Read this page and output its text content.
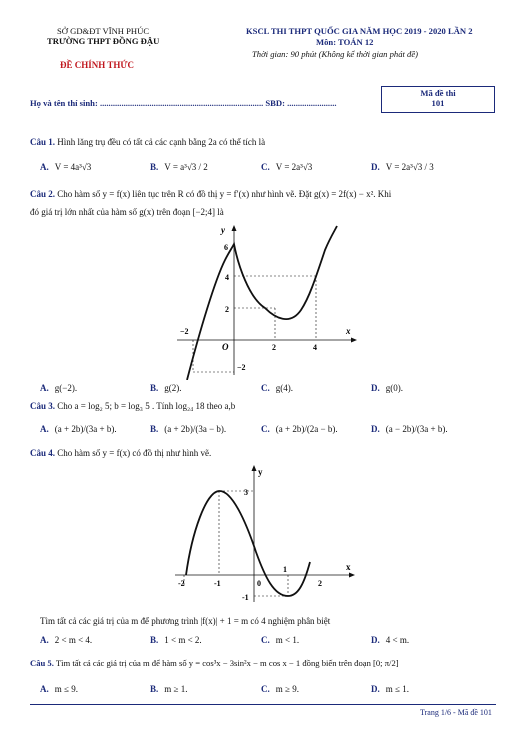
SỞ GD&ĐT VĨNH PHÚC
TRƯỜNG THPT ĐỒNG ĐẬU
ĐỀ CHÍNH THỨC
KSCL THI THPT QUỐC GIA NĂM HỌC 2019 - 2020 LẦN 2
Môn: TOÁN 12
Thời gian: 90 phút (Không kể thời gian phát đề)
Họ và tên thí sinh: ............................................................................ SBD: .......................
Mã đề thi
101
Câu 1. Hình lăng trụ đều có tất cả các cạnh bằng 2a có thể tích là
A. V = 4a³√3	B. V = a³√3 / 2	C. V = 2a³√3	D. V = 2a³√3 / 3
Câu 2. Cho hàm số y = f(x) liên tục trên R có đồ thị y = f′(x) như hình vẽ. Đặt g(x) = 2f(x) − x². Khi
đó giá trị lớn nhất của hàm số g(x) trên đoạn [−2;4] là
y
x
O
−2
2	4
6
4
2
−2
A. g(−2).	B. g(2).	C. g(4).	D. g(0).
Câu 3. Cho a = log₂ 5; b = log₃ 5 . Tính log₂₄ 18 theo a,b
A. (a + 2b)/(3a + b).	B. (a + 2b)/(3a − b).	C. (a + 2b)/(2a − b).	D. (a − 2b)/(3a + b).
Câu 4. Cho hàm số y = f(x) có đồ thị như hình vẽ.
y
x
-2	-1	0
1
2
3
-1
Tìm tất cả các giá trị của m để phương trình |f(x)| + 1 = m có 4 nghiệm phân biệt
A. 2 < m < 4.	B. 1 < m < 2.	C. m < 1.	D. 4 < m.
Câu 5. Tìm tất cả các giá trị của m để hàm số y = cos³x − 3sin²x − m cos x − 1 đồng biến trên đoạn [0; π/2]
A. m ≤ 9.	B. m ≥ 1.	C. m ≥ 9.	D. m ≤ 1.
Trang 1/6 - Mã đề 101
